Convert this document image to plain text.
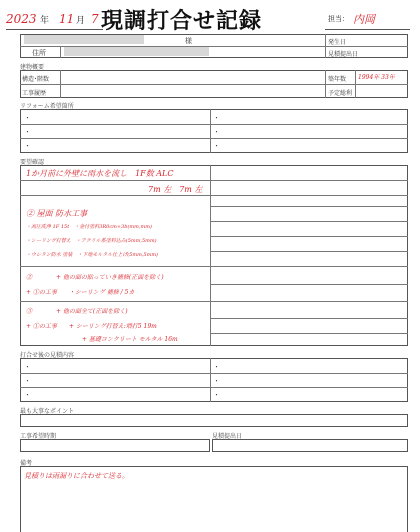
2023 年 11 月 7 現調打合せ記録	担当： 内岡
様
住所
発生日
見積提出日
建物概要
構造･階数
工事履歴
築年数 1994年 33年
予定総利
リフォーム希望箇所
・	・
・	・
・	・
要望確認
1か月前に外壁に雨水を流し　1F数 ALC
7m 左　7m 左
② 屋面 防水工事
・高圧洗浄 1F 15t　・金付塗料3R0cm+3b(mm,mm)
・シーリング打替え　・アクリル系塗料込み(5mm,5mm)
・ウレタン防水 塗装　・下地モルタル仕上げ(5mm,5mm)
②　　　　+ 他の面の貼っていき補修(正面を除く)
+ ①の工事　　・シーリング 補修 / 5カ
③　　　　+ 他の面全て(正面を除く)
+ ①の工事　　+ シーリング打替え:増打5 19m
+ 基礎コンクリート モルタル 16m
打合せ後の見積内容
・	・
・	・
・	・
最も大事なポイント
工事希望時期	見積提出日
備考
見積りは雨漏りに合わせて送る。
